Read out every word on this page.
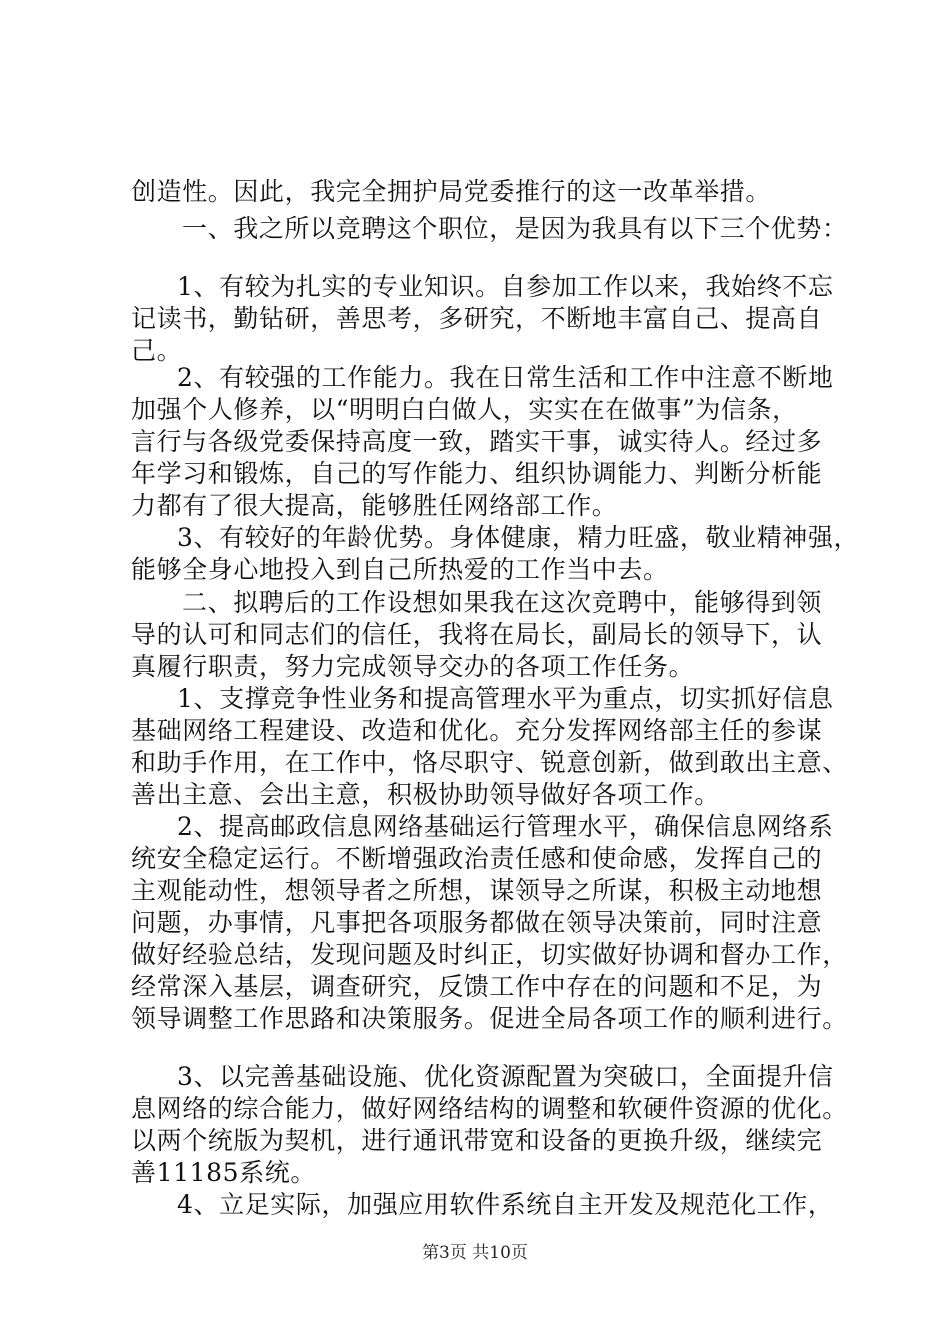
创造性。因此，我完全拥护局党委推行的这一改革举措。
一、我之所以竞聘这个职位，是因为我具有以下三个优势：
1、有较为扎实的专业知识。自参加工作以来，我始终不忘
记读书，勤钻研，善思考，多研究，不断地丰富自己、提高自
己。
2、有较强的工作能力。我在日常生活和工作中注意不断地
加强个人修养，以“明明白白做人，实实在在做事”为信条，
言行与各级党委保持高度一致，踏实干事，诚实待人。经过多
年学习和锻炼，自己的写作能力、组织协调能力、判断分析能
力都有了很大提高，能够胜任网络部工作。
3、有较好的年龄优势。身体健康，精力旺盛，敬业精神强，
能够全身心地投入到自己所热爱的工作当中去。
二、拟聘后的工作设想如果我在这次竞聘中，能够得到领
导的认可和同志们的信任，我将在局长，副局长的领导下，认
真履行职责，努力完成领导交办的各项工作任务。
1、支撑竞争性业务和提高管理水平为重点，切实抓好信息
基础网络工程建设、改造和优化。充分发挥网络部主任的参谋
和助手作用，在工作中，恪尽职守、锐意创新，做到敢出主意、
善出主意、会出主意，积极协助领导做好各项工作。
2、提高邮政信息网络基础运行管理水平，确保信息网络系
统安全稳定运行。不断增强政治责任感和使命感，发挥自己的
主观能动性，想领导者之所想，谋领导之所谋，积极主动地想
问题，办事情，凡事把各项服务都做在领导决策前，同时注意
做好经验总结，发现问题及时纠正，切实做好协调和督办工作，
经常深入基层，调查研究，反馈工作中存在的问题和不足，为
领导调整工作思路和决策服务。促进全局各项工作的顺利进行。
3、以完善基础设施、优化资源配置为突破口，全面提升信
息网络的综合能力，做好网络结构的调整和软硬件资源的优化。
以两个统版为契机，进行通讯带宽和设备的更换升级，继续完
善11185系统。
4、立足实际，加强应用软件系统自主开发及规范化工作，
第3页 共10页
